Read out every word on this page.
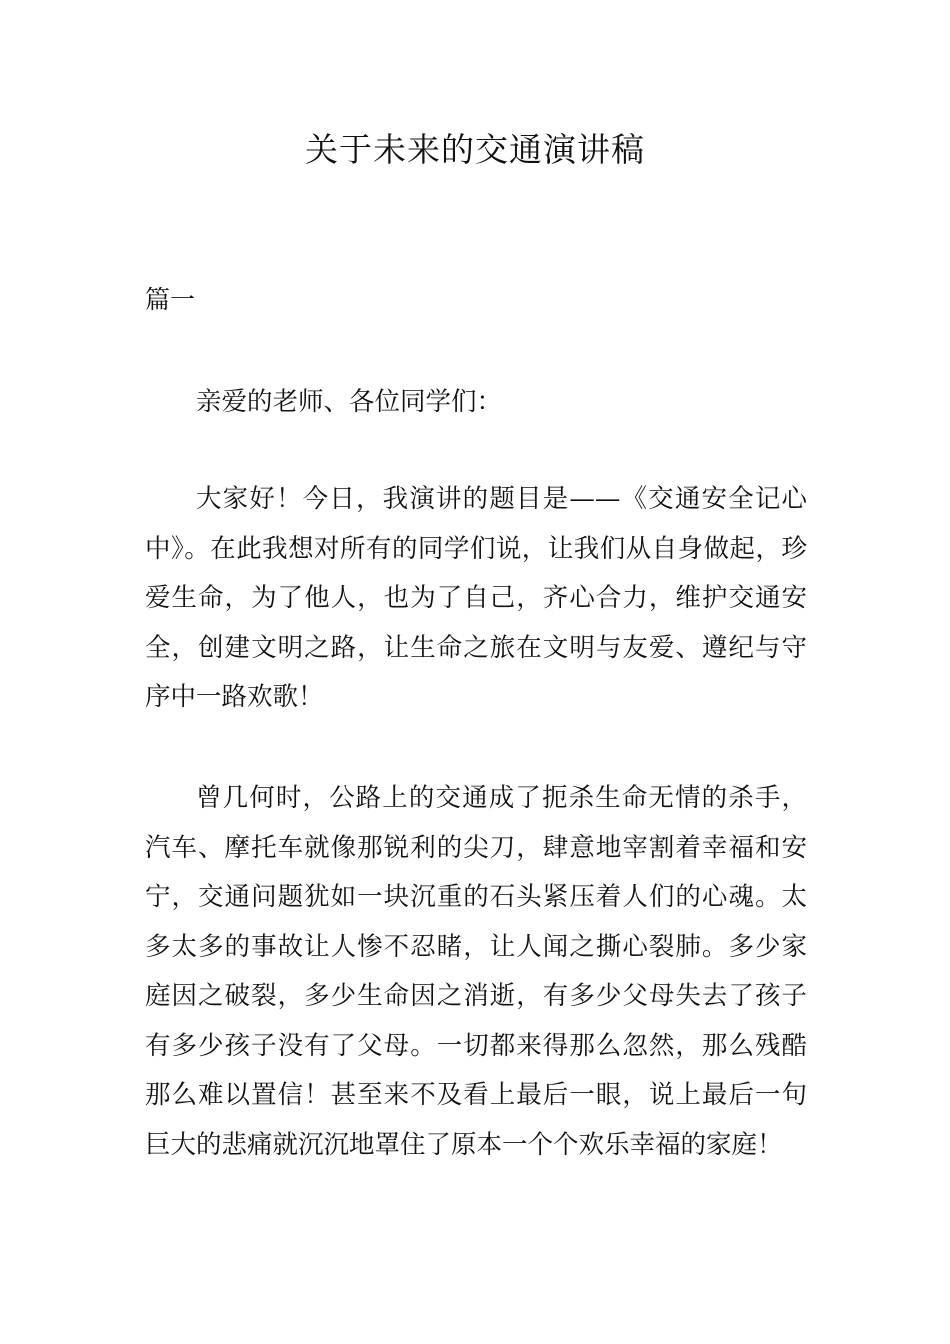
关于未来的交通演讲稿
篇一

亲爱的老师、各位同学们：

大家好！今日，我演讲的题目是——《交通安全记心中》。在此我想对所有的同学们说，让我们从自身做起，珍爱生命，为了他人，也为了自己，齐心合力，维护交通安全，创建文明之路，让生命之旅在文明与友爱、遵纪与守序中一路欢歌！

曾几何时，公路上的交通成了扼杀生命无情的杀手，汽车、摩托车就像那锐利的尖刀，肆意地宰割着幸福和安宁，交通问题犹如一块沉重的石头紧压着人们的心魂。太多太多的事故让人惨不忍睹，让人闻之撕心裂肺。多少家庭因之破裂，多少生命因之消逝，有多少父母失去了孩子有多少孩子没有了父母。一切都来得那么忽然，那么残酷那么难以置信！甚至来不及看上最后一眼，说上最后一句巨大的悲痛就沉沉地罩住了原本一个个欢乐幸福的家庭！
